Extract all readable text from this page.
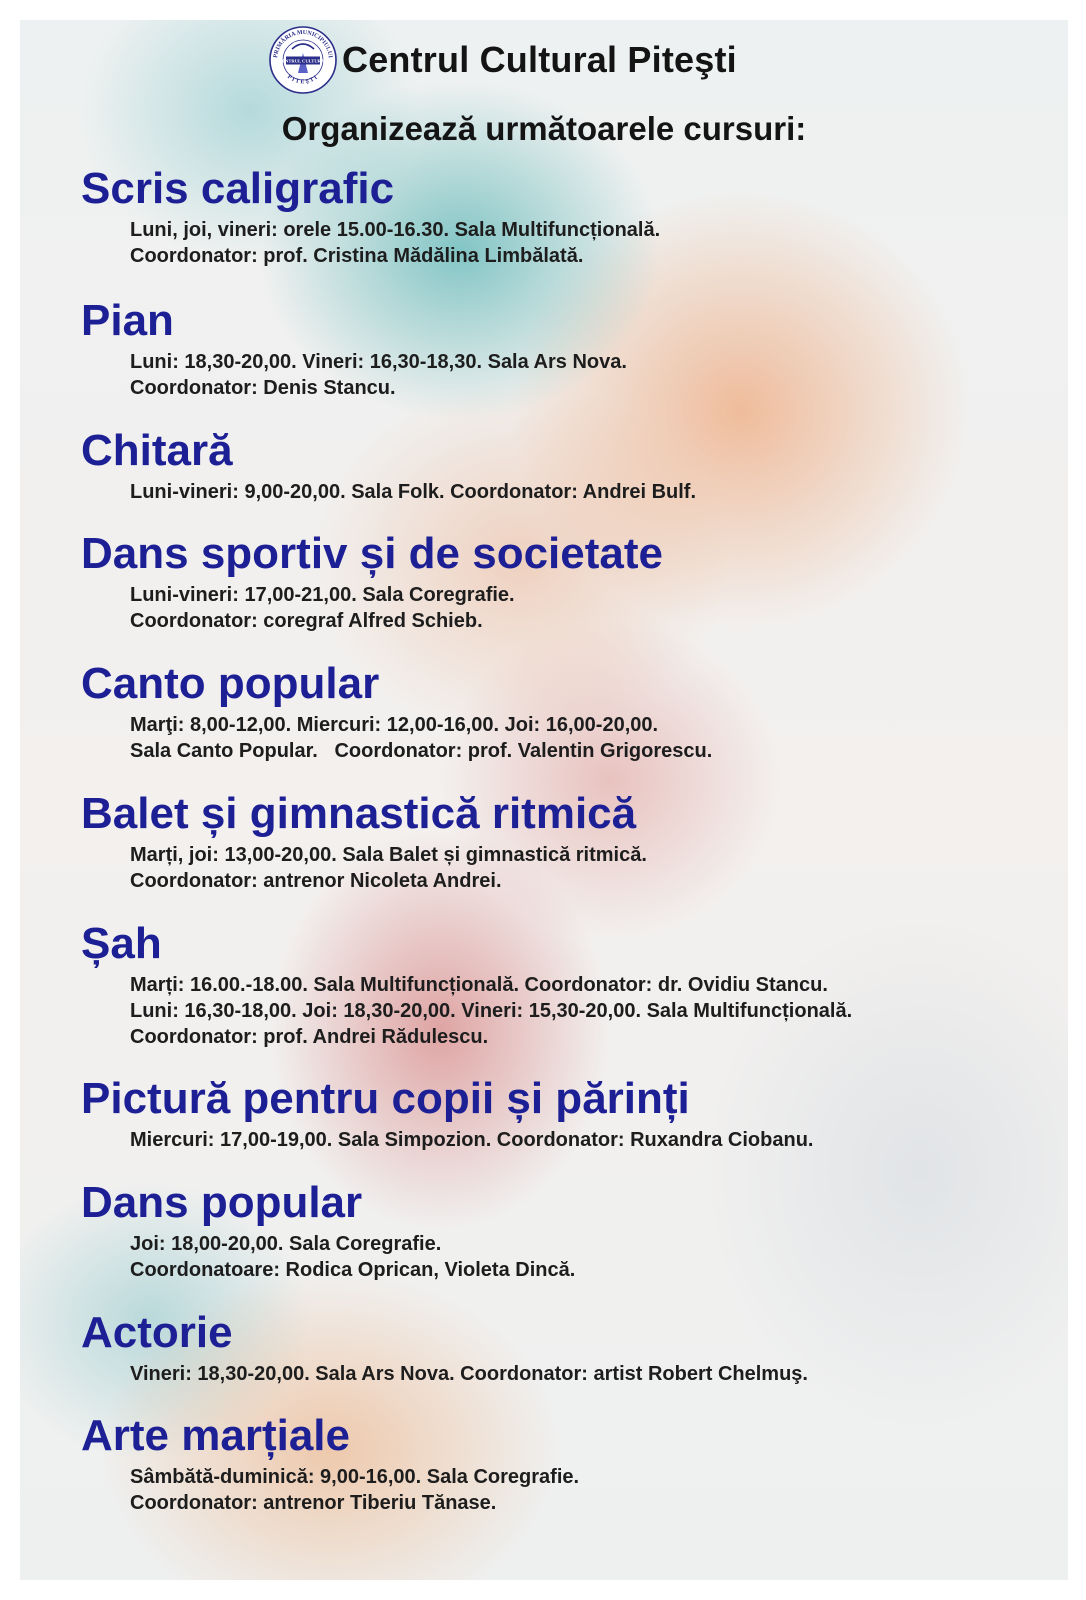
PRIMĂRIA MUNICIPIULUI
PITEŞTI
CENTRUL CULTURAL Centrul Cultural Piteşti
Organizează următoarele cursuri:
Scris caligrafic
Luni, joi, vineri: orele 15.00-16.30. Sala Multifuncțională.
Coordonator: prof. Cristina Mădălina Limbălată.
Pian
Luni: 18,30-20,00. Vineri: 16,30-18,30. Sala Ars Nova.
Coordonator: Denis Stancu.
Chitară
Luni-vineri: 9,00-20,00. Sala Folk. Coordonator: Andrei Bulf.
Dans sportiv și de societate
Luni-vineri: 17,00-21,00. Sala Coregrafie.
Coordonator: coregraf Alfred Schieb.
Canto popular
Marţi: 8,00-12,00. Miercuri: 12,00-16,00. Joi: 16,00-20,00.
Sala Canto Popular.   Coordonator: prof. Valentin Grigorescu.
Balet și gimnastică ritmică
Marți, joi: 13,00-20,00. Sala Balet și gimnastică ritmică.
Coordonator: antrenor Nicoleta Andrei.
Șah
Marți: 16.00.-18.00. Sala Multifuncțională. Coordonator: dr. Ovidiu Stancu.
Luni: 16,30-18,00. Joi: 18,30-20,00. Vineri: 15,30-20,00. Sala Multifuncțională.
Coordonator: prof. Andrei Rădulescu.
Pictură pentru copii și părinți
Miercuri: 17,00-19,00. Sala Simpozion. Coordonator: Ruxandra Ciobanu.
Dans popular
Joi: 18,00-20,00. Sala Coregrafie.
Coordonatoare: Rodica Oprican, Violeta Dincă.
Actorie
Vineri: 18,30-20,00. Sala Ars Nova. Coordonator: artist Robert Chelmuş.
Arte marțiale
Sâmbătă-duminică: 9,00-16,00. Sala Coregrafie.
Coordonator: antrenor Tiberiu Tănase.
